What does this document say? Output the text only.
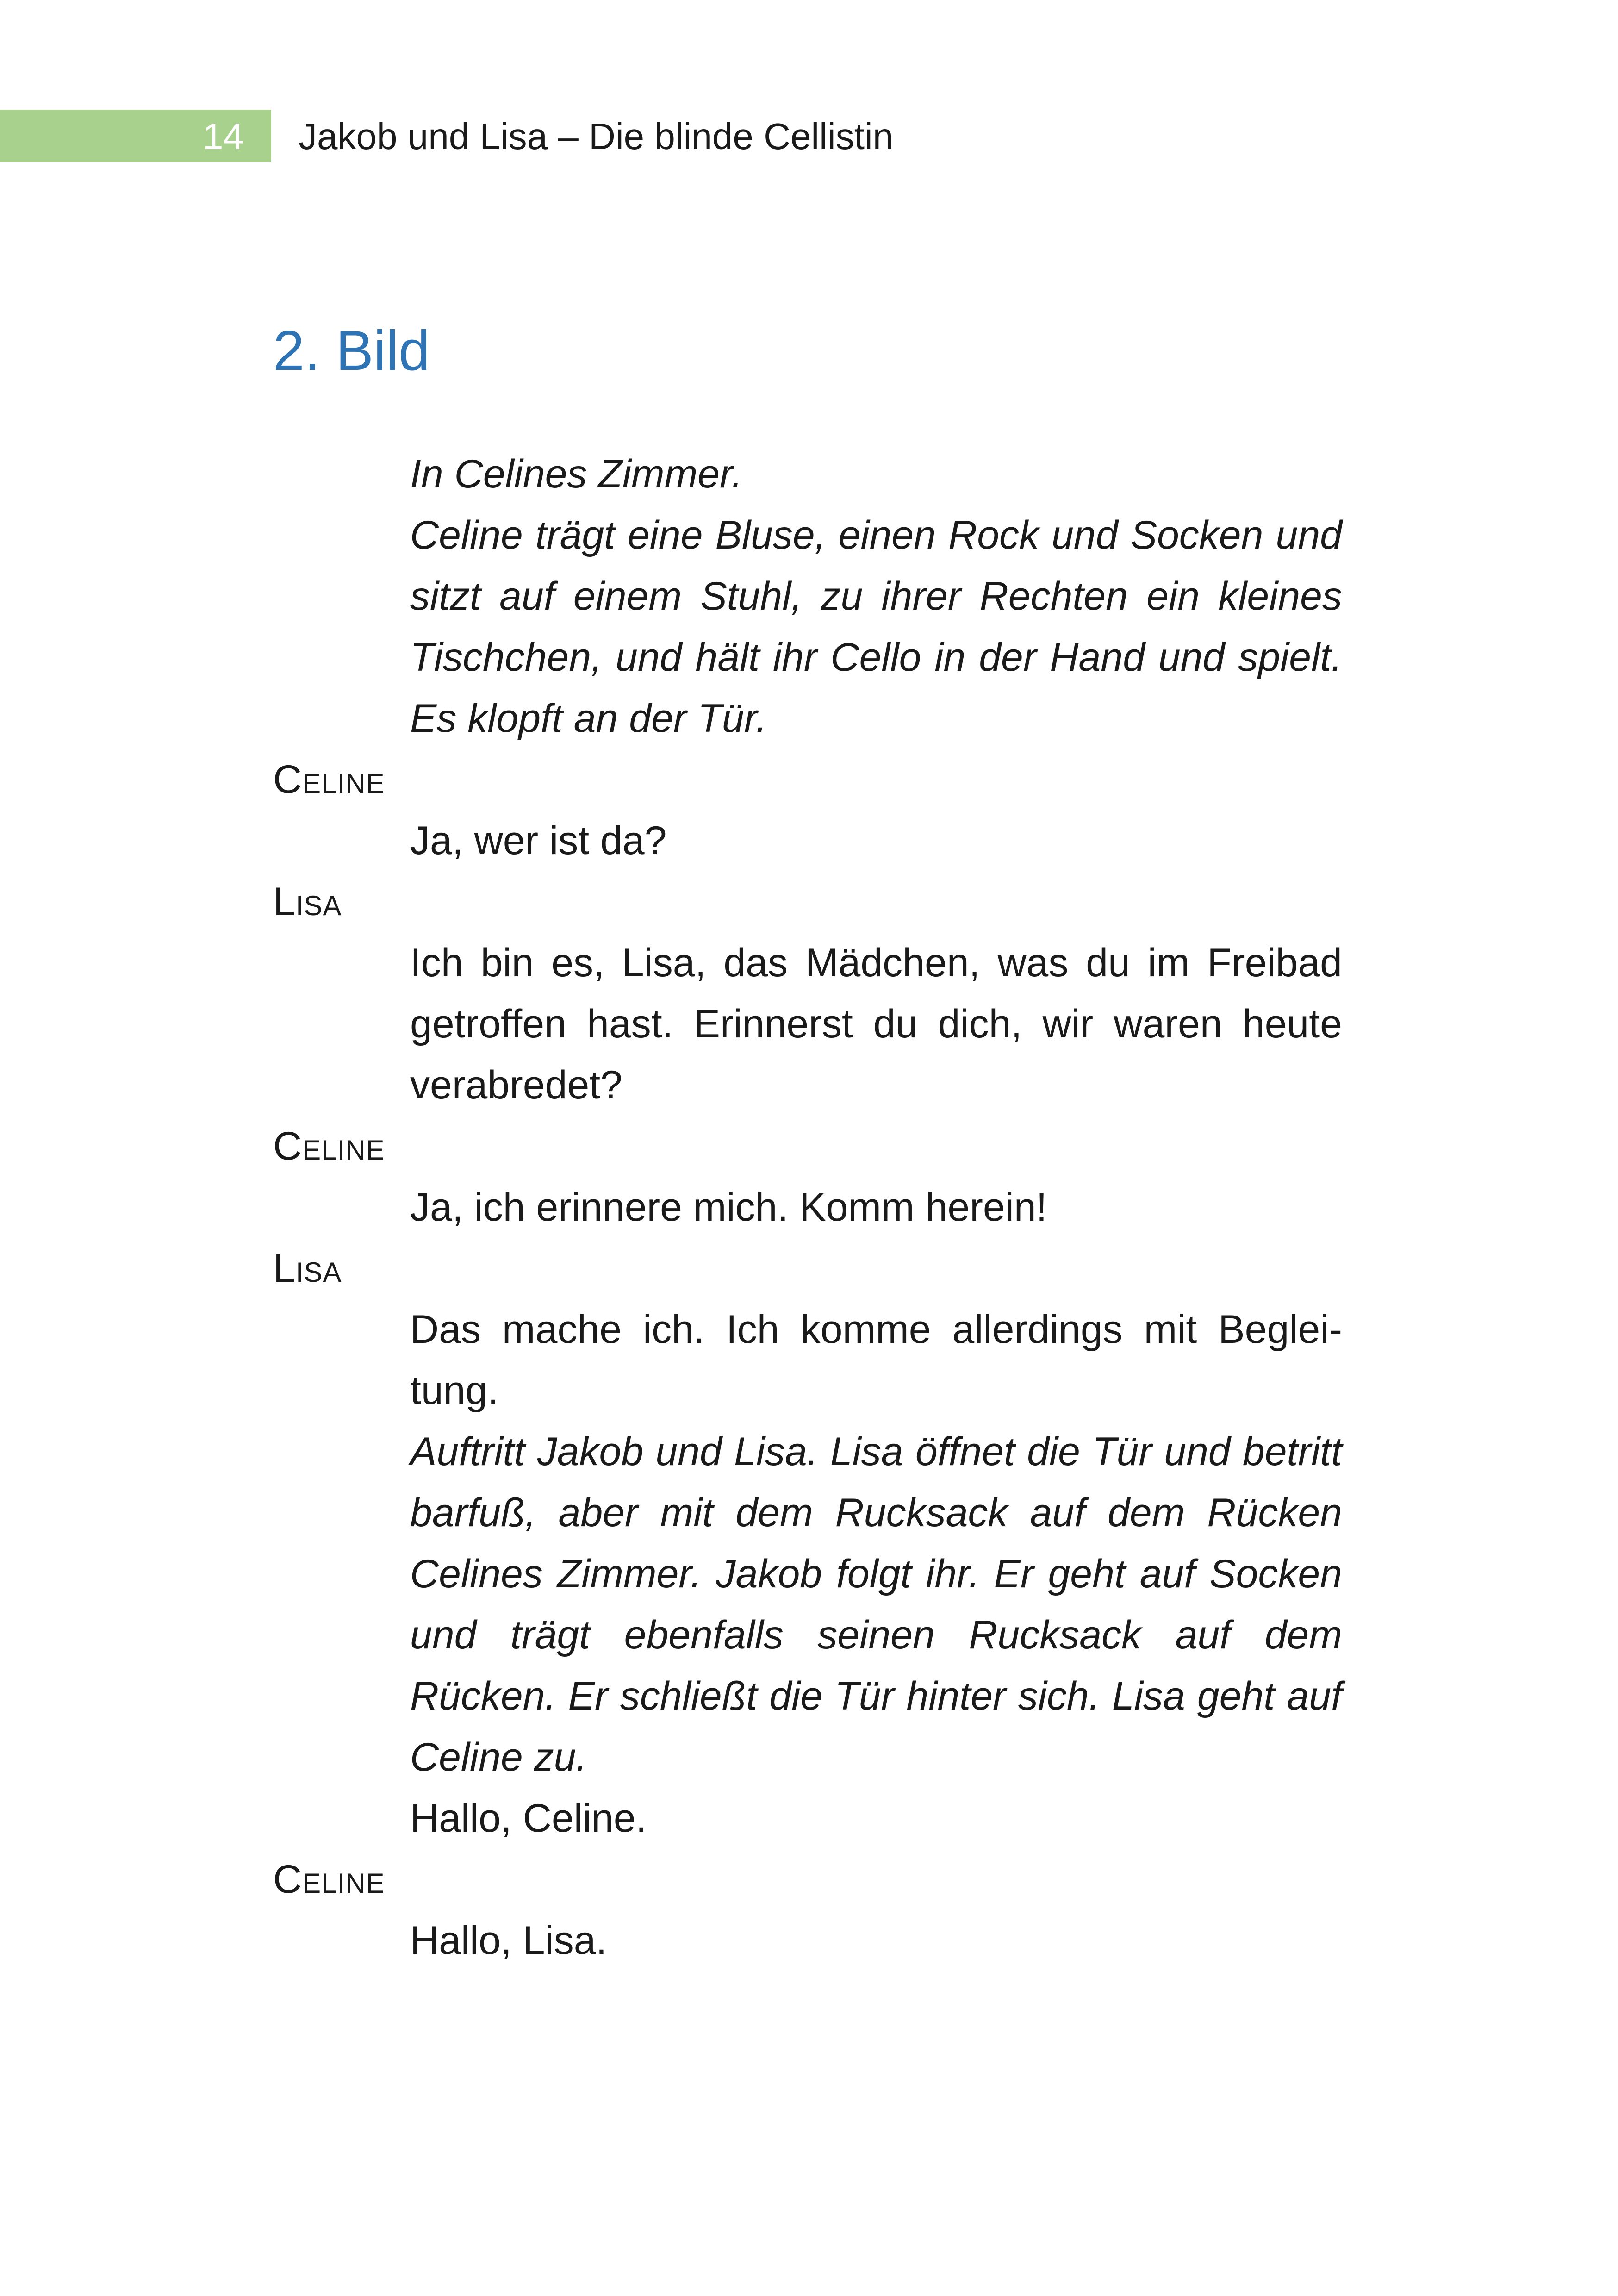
14 Jakob und Lisa – Die blinde Cellistin
2. Bild

In Celines Zimmer.

Celine trägt eine Bluse, einen Rock und Socken und sitzt auf einem Stuhl, zu ihrer Rechten ein kleines Tischchen, und hält ihr Cello in der Hand und spielt. Es klopft an der Tür.

Celine

Ja, wer ist da?

Lisa

Ich bin es, Lisa, das Mädchen, was du im Freibad getroffen hast. Erinnerst du dich, wir waren heute verabredet?

Celine

Ja, ich erinnere mich. Komm herein!

Lisa

Das mache ich. Ich komme allerdings mit Beglei-tung.

Auftritt Jakob und Lisa. Lisa öffnet die Tür und betritt barfuß, aber mit dem Rucksack auf dem Rücken Celines Zimmer. Jakob folgt ihr. Er geht auf Socken und trägt ebenfalls seinen Rucksack auf dem Rücken. Er schließt die Tür hinter sich. Lisa geht auf Celine zu.

Hallo, Celine.

Celine

Hallo, Lisa.
